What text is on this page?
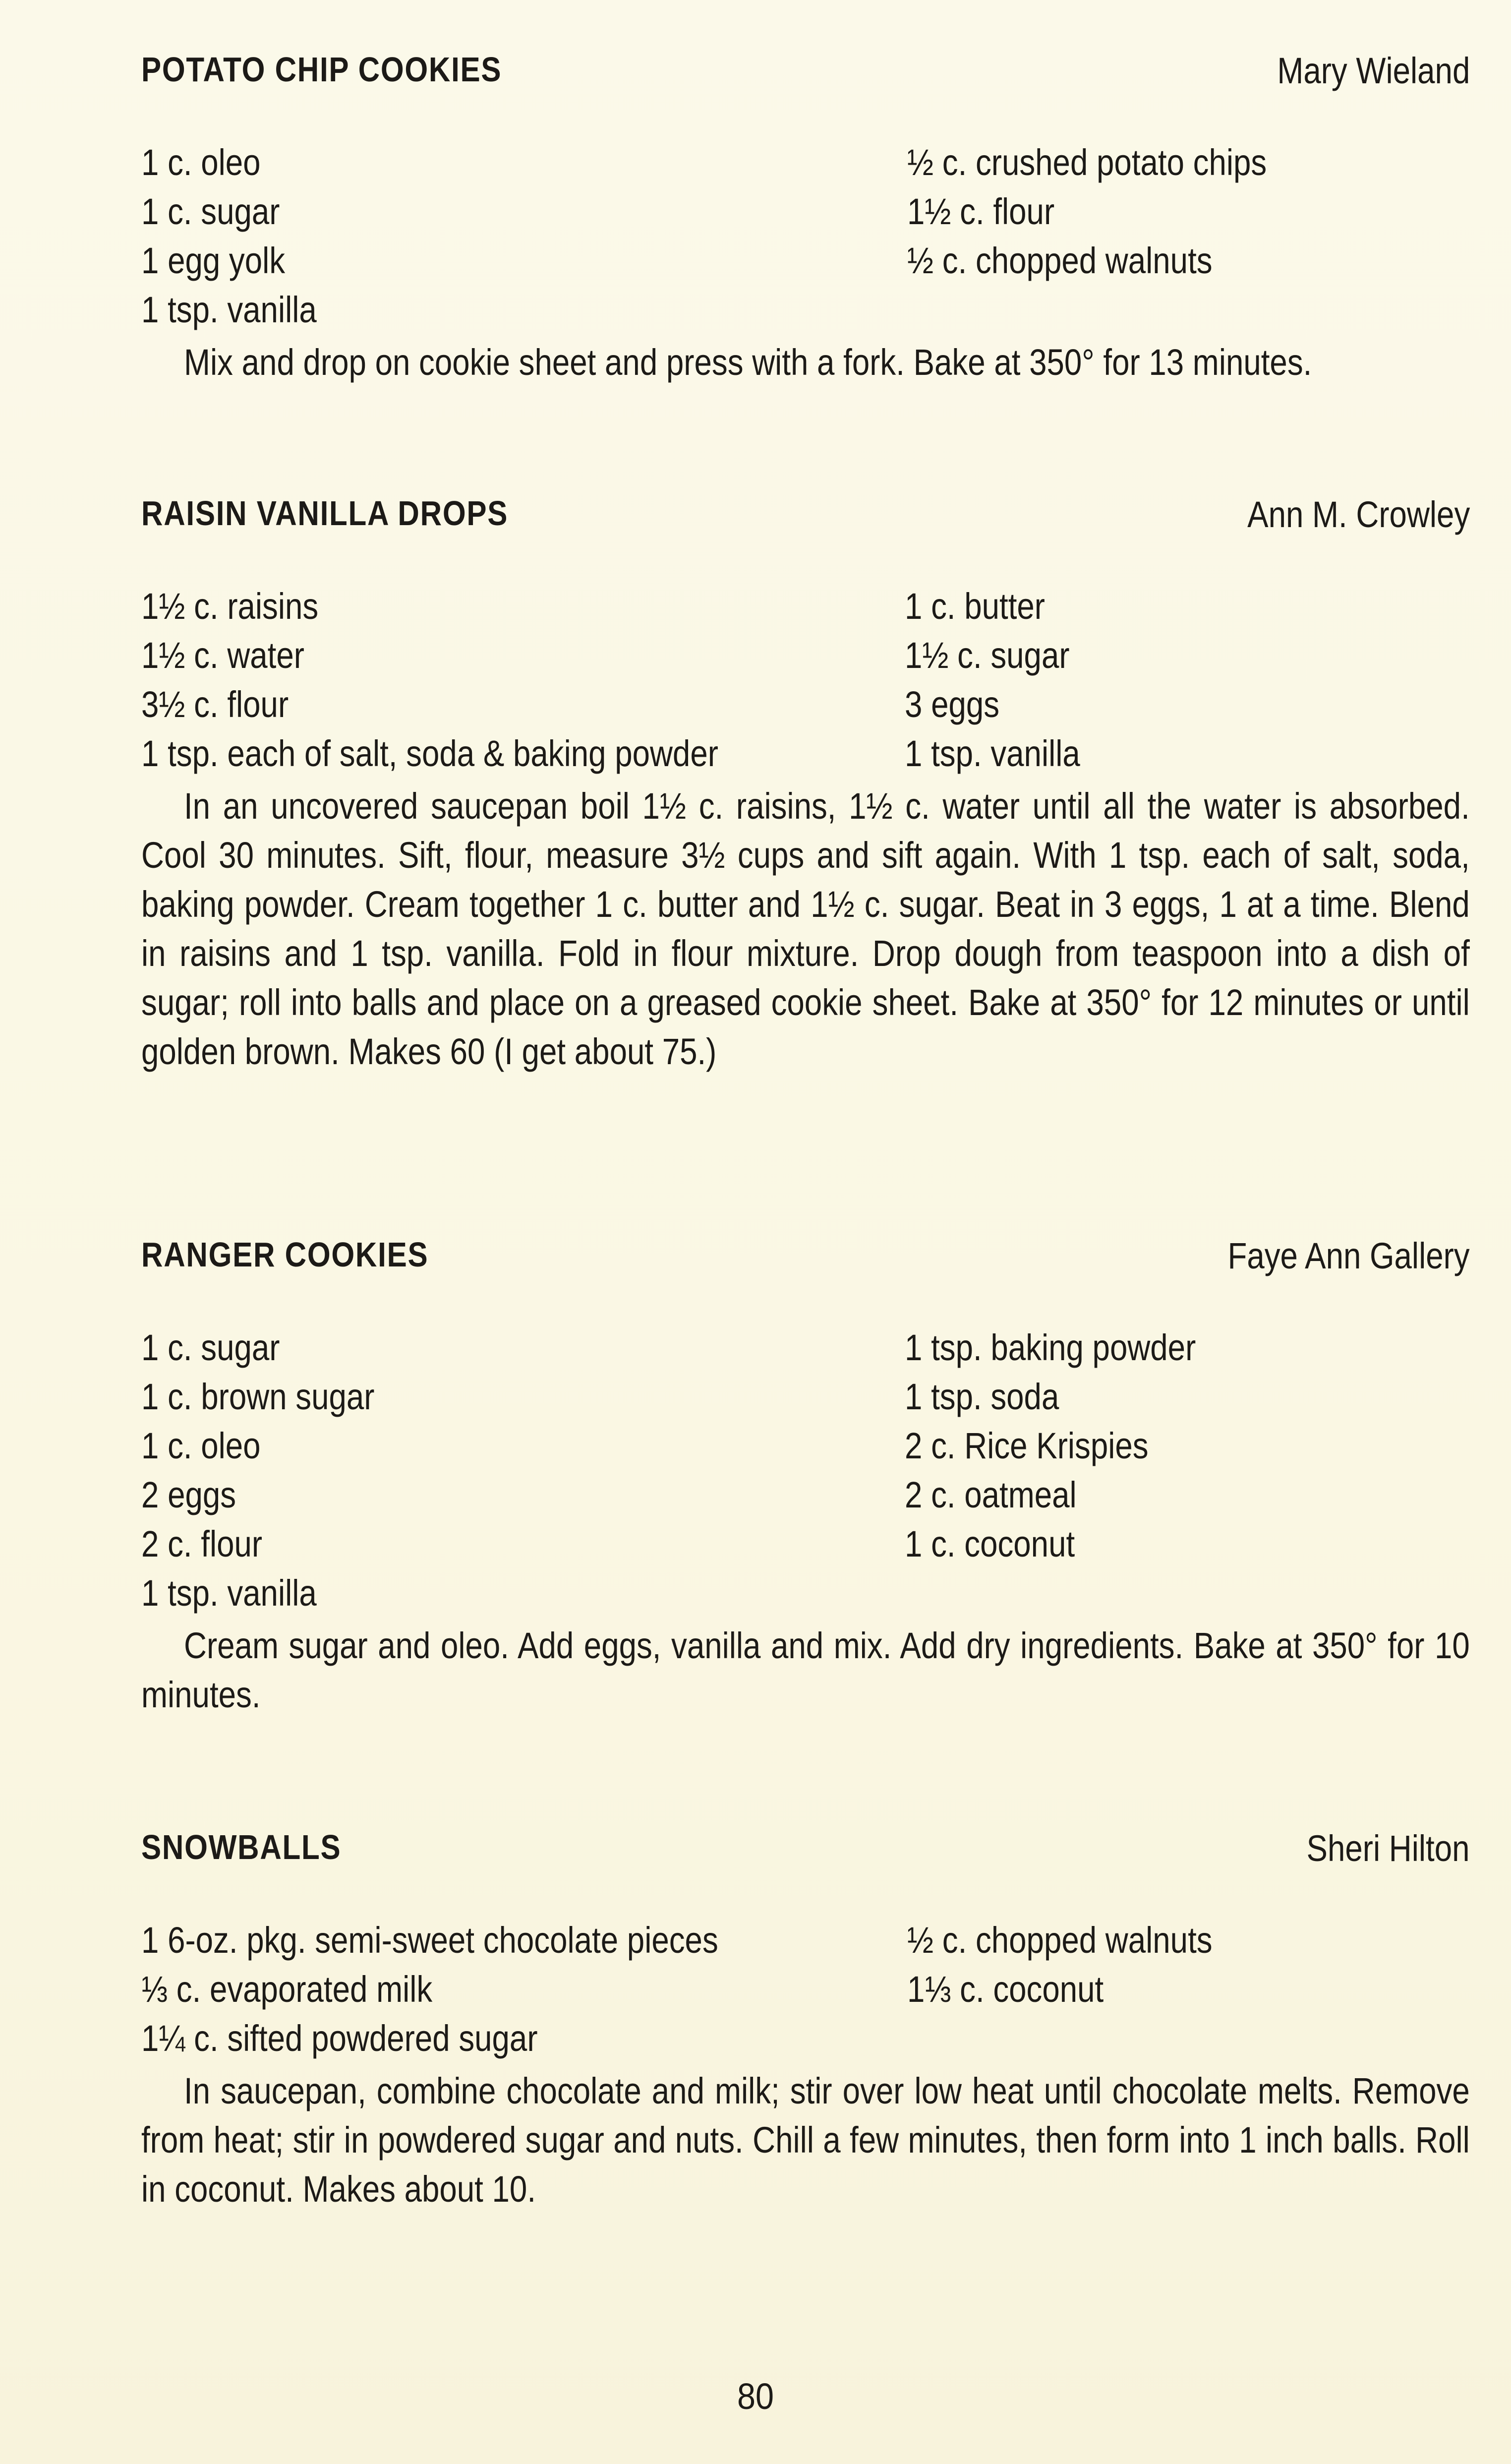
POTATO CHIP COOKIES	Mary Wieland
1 c. oleo	½ c. crushed potato chips
1 c. sugar	1½ c. flour
1 egg yolk	½ c. chopped walnuts
1 tsp. vanilla
Mix and drop on cookie sheet and press with a fork. Bake at 350° for 13 minutes.
RAISIN VANILLA DROPS	Ann M. Crowley
1½ c. raisins	1 c. butter
1½ c. water	1½ c. sugar
3½ c. flour	3 eggs
1 tsp. each of salt, soda & baking powder	1 tsp. vanilla
In an uncovered saucepan boil 1½ c. raisins, 1½ c. water until all the water is absorbed. Cool 30 minutes. Sift, flour, measure 3½ cups and sift again. With 1 tsp. each of salt, soda, baking powder. Cream together 1 c. butter and 1½ c. sugar. Beat in 3 eggs, 1 at a time. Blend in raisins and 1 tsp. vanilla. Fold in flour mixture. Drop dough from teaspoon into a dish of sugar; roll into balls and place on a greased cookie sheet. Bake at 350° for 12 minutes or until golden brown. Makes 60 (I get about 75.)
RANGER COOKIES	Faye Ann Gallery
1 c. sugar	1 tsp. baking powder
1 c. brown sugar	1 tsp. soda
1 c. oleo	2 c. Rice Krispies
2 eggs	2 c. oatmeal
2 c. flour	1 c. coconut
1 tsp. vanilla
Cream sugar and oleo. Add eggs, vanilla and mix. Add dry ingredients. Bake at 350° for 10 minutes.
SNOWBALLS	Sheri Hilton
1 6-oz. pkg. semi-sweet chocolate pieces	½ c. chopped walnuts
⅓ c. evaporated milk	1⅓ c. coconut
1¼ c. sifted powdered sugar
In saucepan, combine chocolate and milk; stir over low heat until chocolate melts. Remove from heat; stir in powdered sugar and nuts. Chill a few minutes, then form into 1 inch balls. Roll in coconut. Makes about 10.
80
